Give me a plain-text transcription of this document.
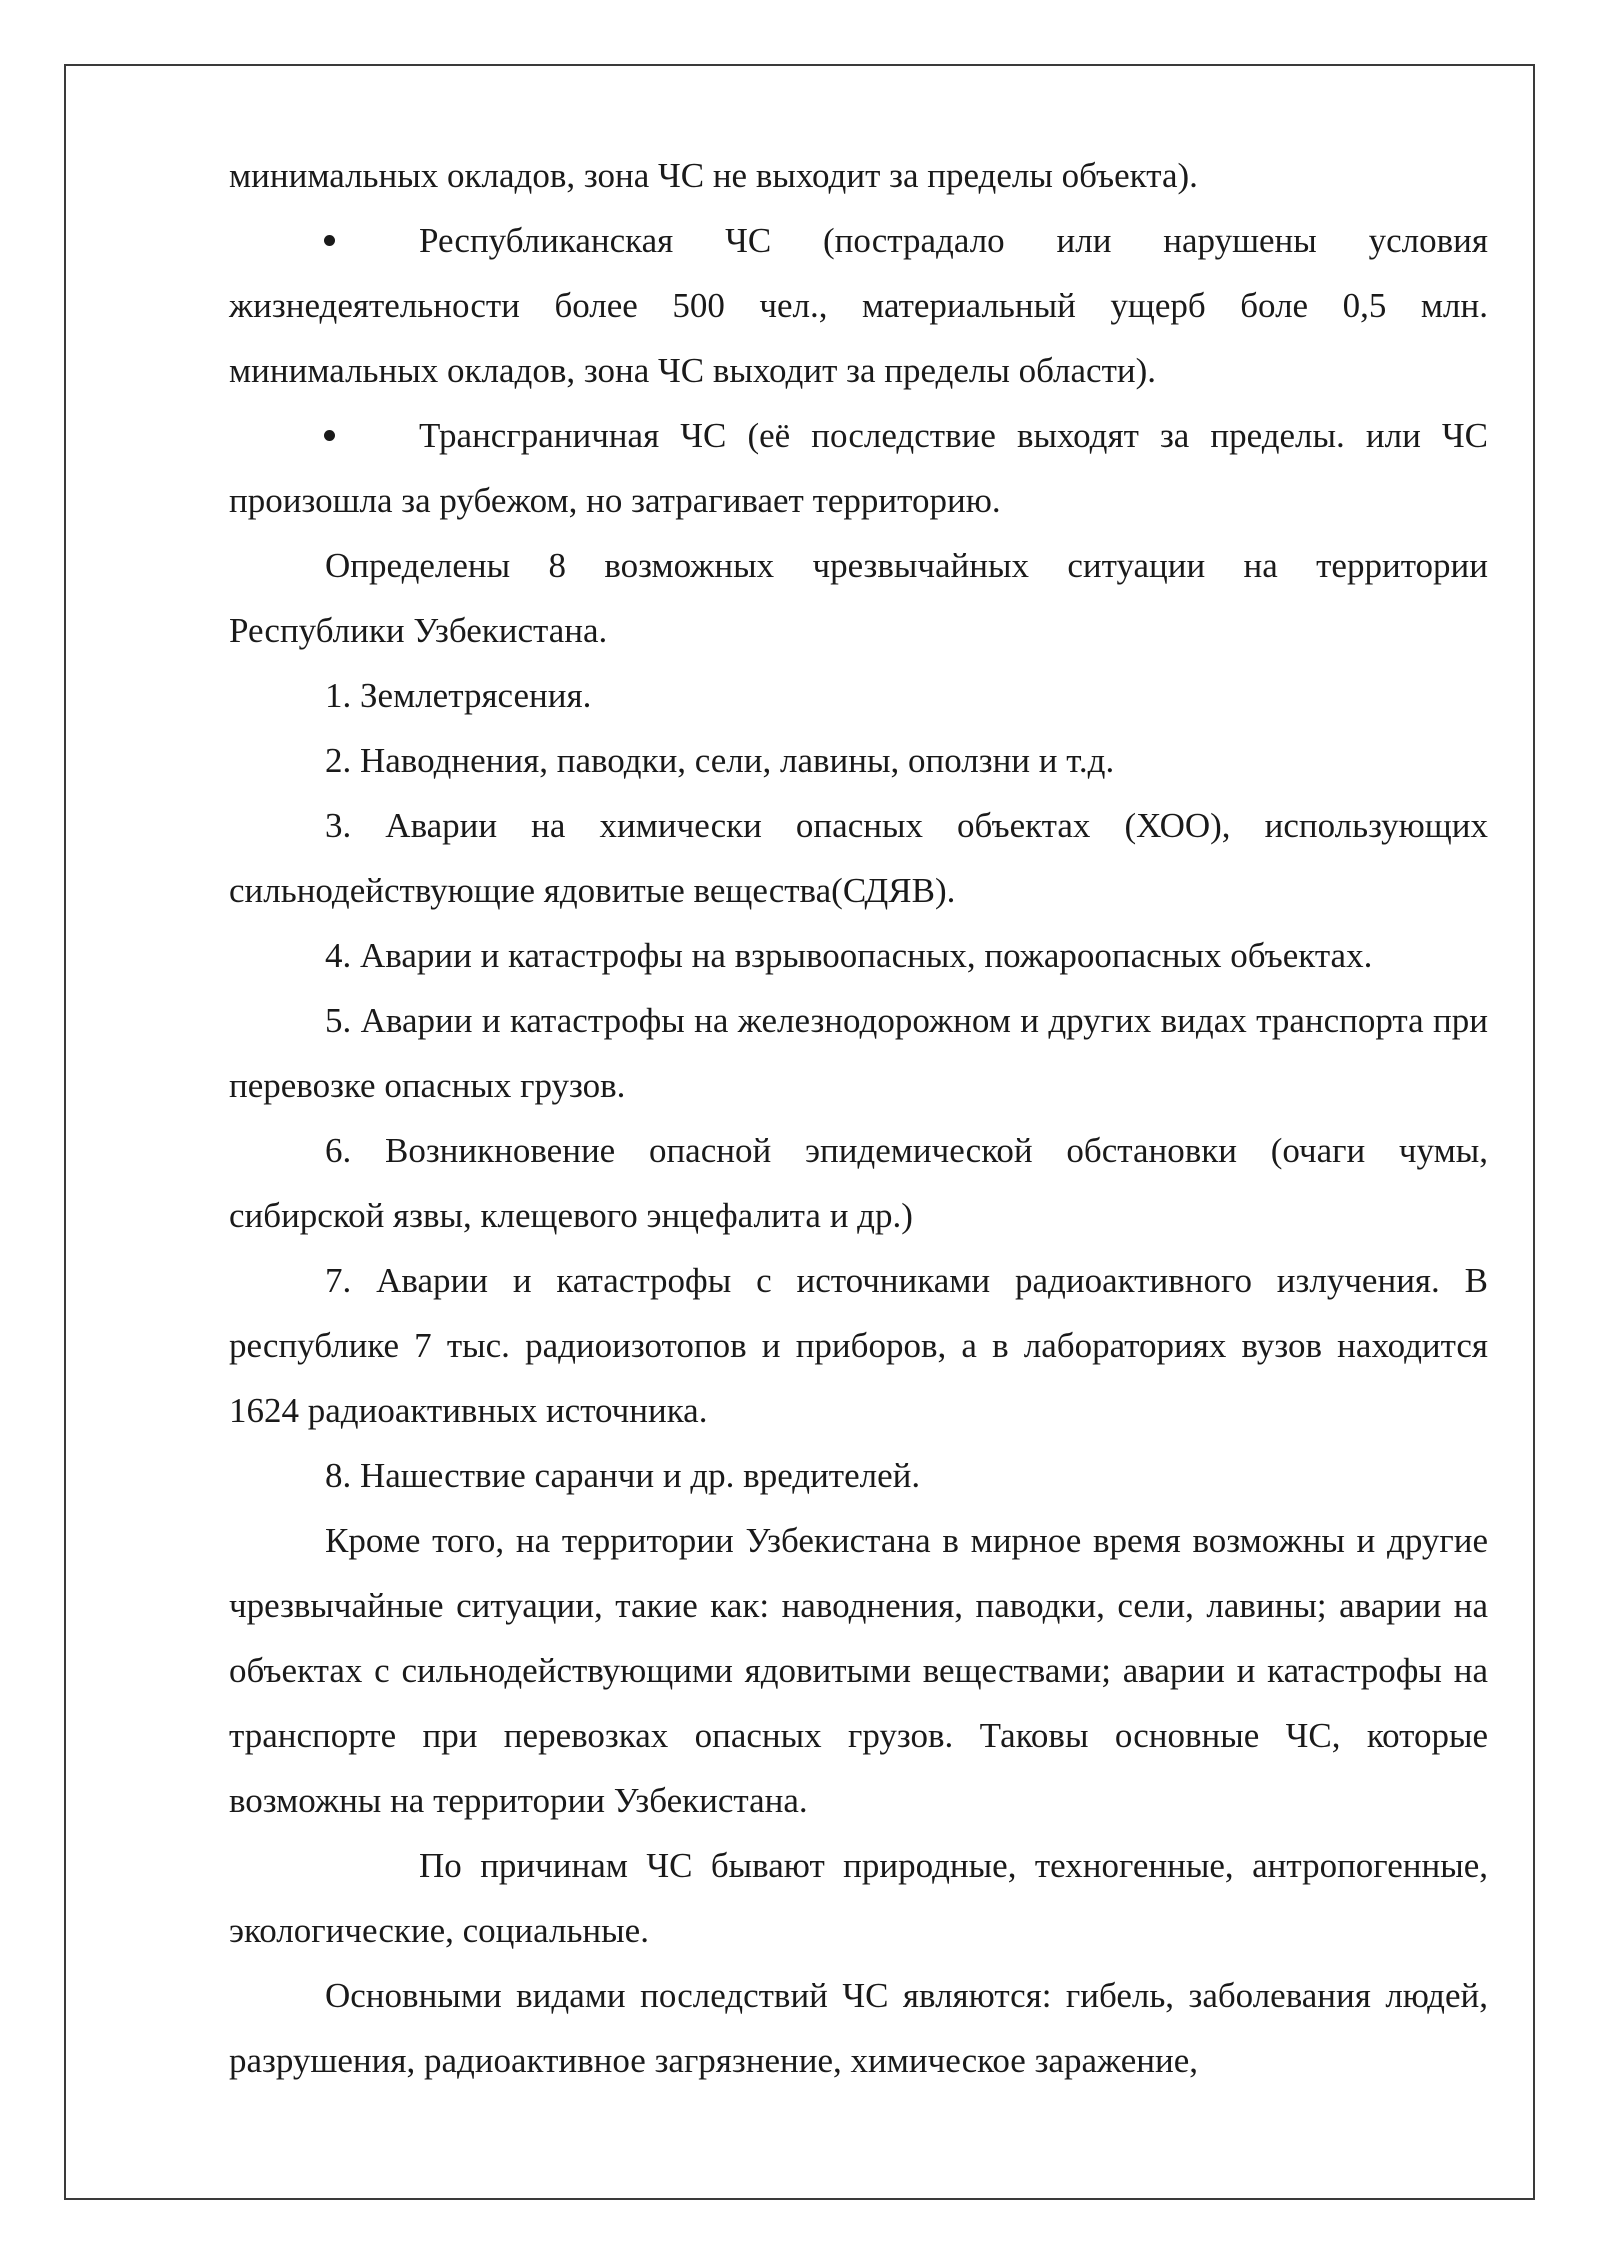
минимальных окладов, зона ЧС не выходит за пределы объекта).

Республиканская ЧС (пострадало или нарушены условия жизнедеятельности более 500 чел., материальный ущерб боле 0,5 млн. минимальных окладов, зона ЧС выходит за пределы области).

Трансграничная ЧС (её последствие выходят за пределы. или ЧС произошла за рубежом, но затрагивает территорию.

Определены 8 возможных чрезвычайных ситуации на территории Республики Узбекистана.

1. Землетрясения.

2. Наводнения, паводки, сели, лавины, оползни и т.д.

3. Аварии на химически опасных объектах (ХОО), использующих сильнодействующие ядовитые вещества(СДЯВ).

4. Аварии и катастрофы на взрывоопасных, пожароопасных объектах.

5. Аварии и катастрофы на железнодорожном и других видах транспорта при перевозке опасных грузов.

6. Возникновение опасной эпидемической обстановки (очаги чумы, сибирской язвы, клещевого энцефалита и др.)

7. Аварии и катастрофы с источниками радиоактивного излучения. В республике 7 тыс. радиоизотопов и приборов, а в лабораториях вузов находится 1624 радиоактивных источника.

8. Нашествие саранчи и др. вредителей.

Кроме того, на территории Узбекистана в мирное время возможны и другие чрезвычайные ситуации, такие как: наводнения, паводки, сели, лавины; аварии на объектах с сильнодействующими ядовитыми веществами; аварии и катастрофы на транспорте при перевозках опасных грузов. Таковы основные ЧС, которые возможны на территории Узбекистана.

По причинам ЧС бывают природные, техногенные, антропогенные, экологические, социальные.

Основными видами последствий ЧС являются: гибель, заболевания людей, разрушения, радиоактивное загрязнение, химическое заражение,
